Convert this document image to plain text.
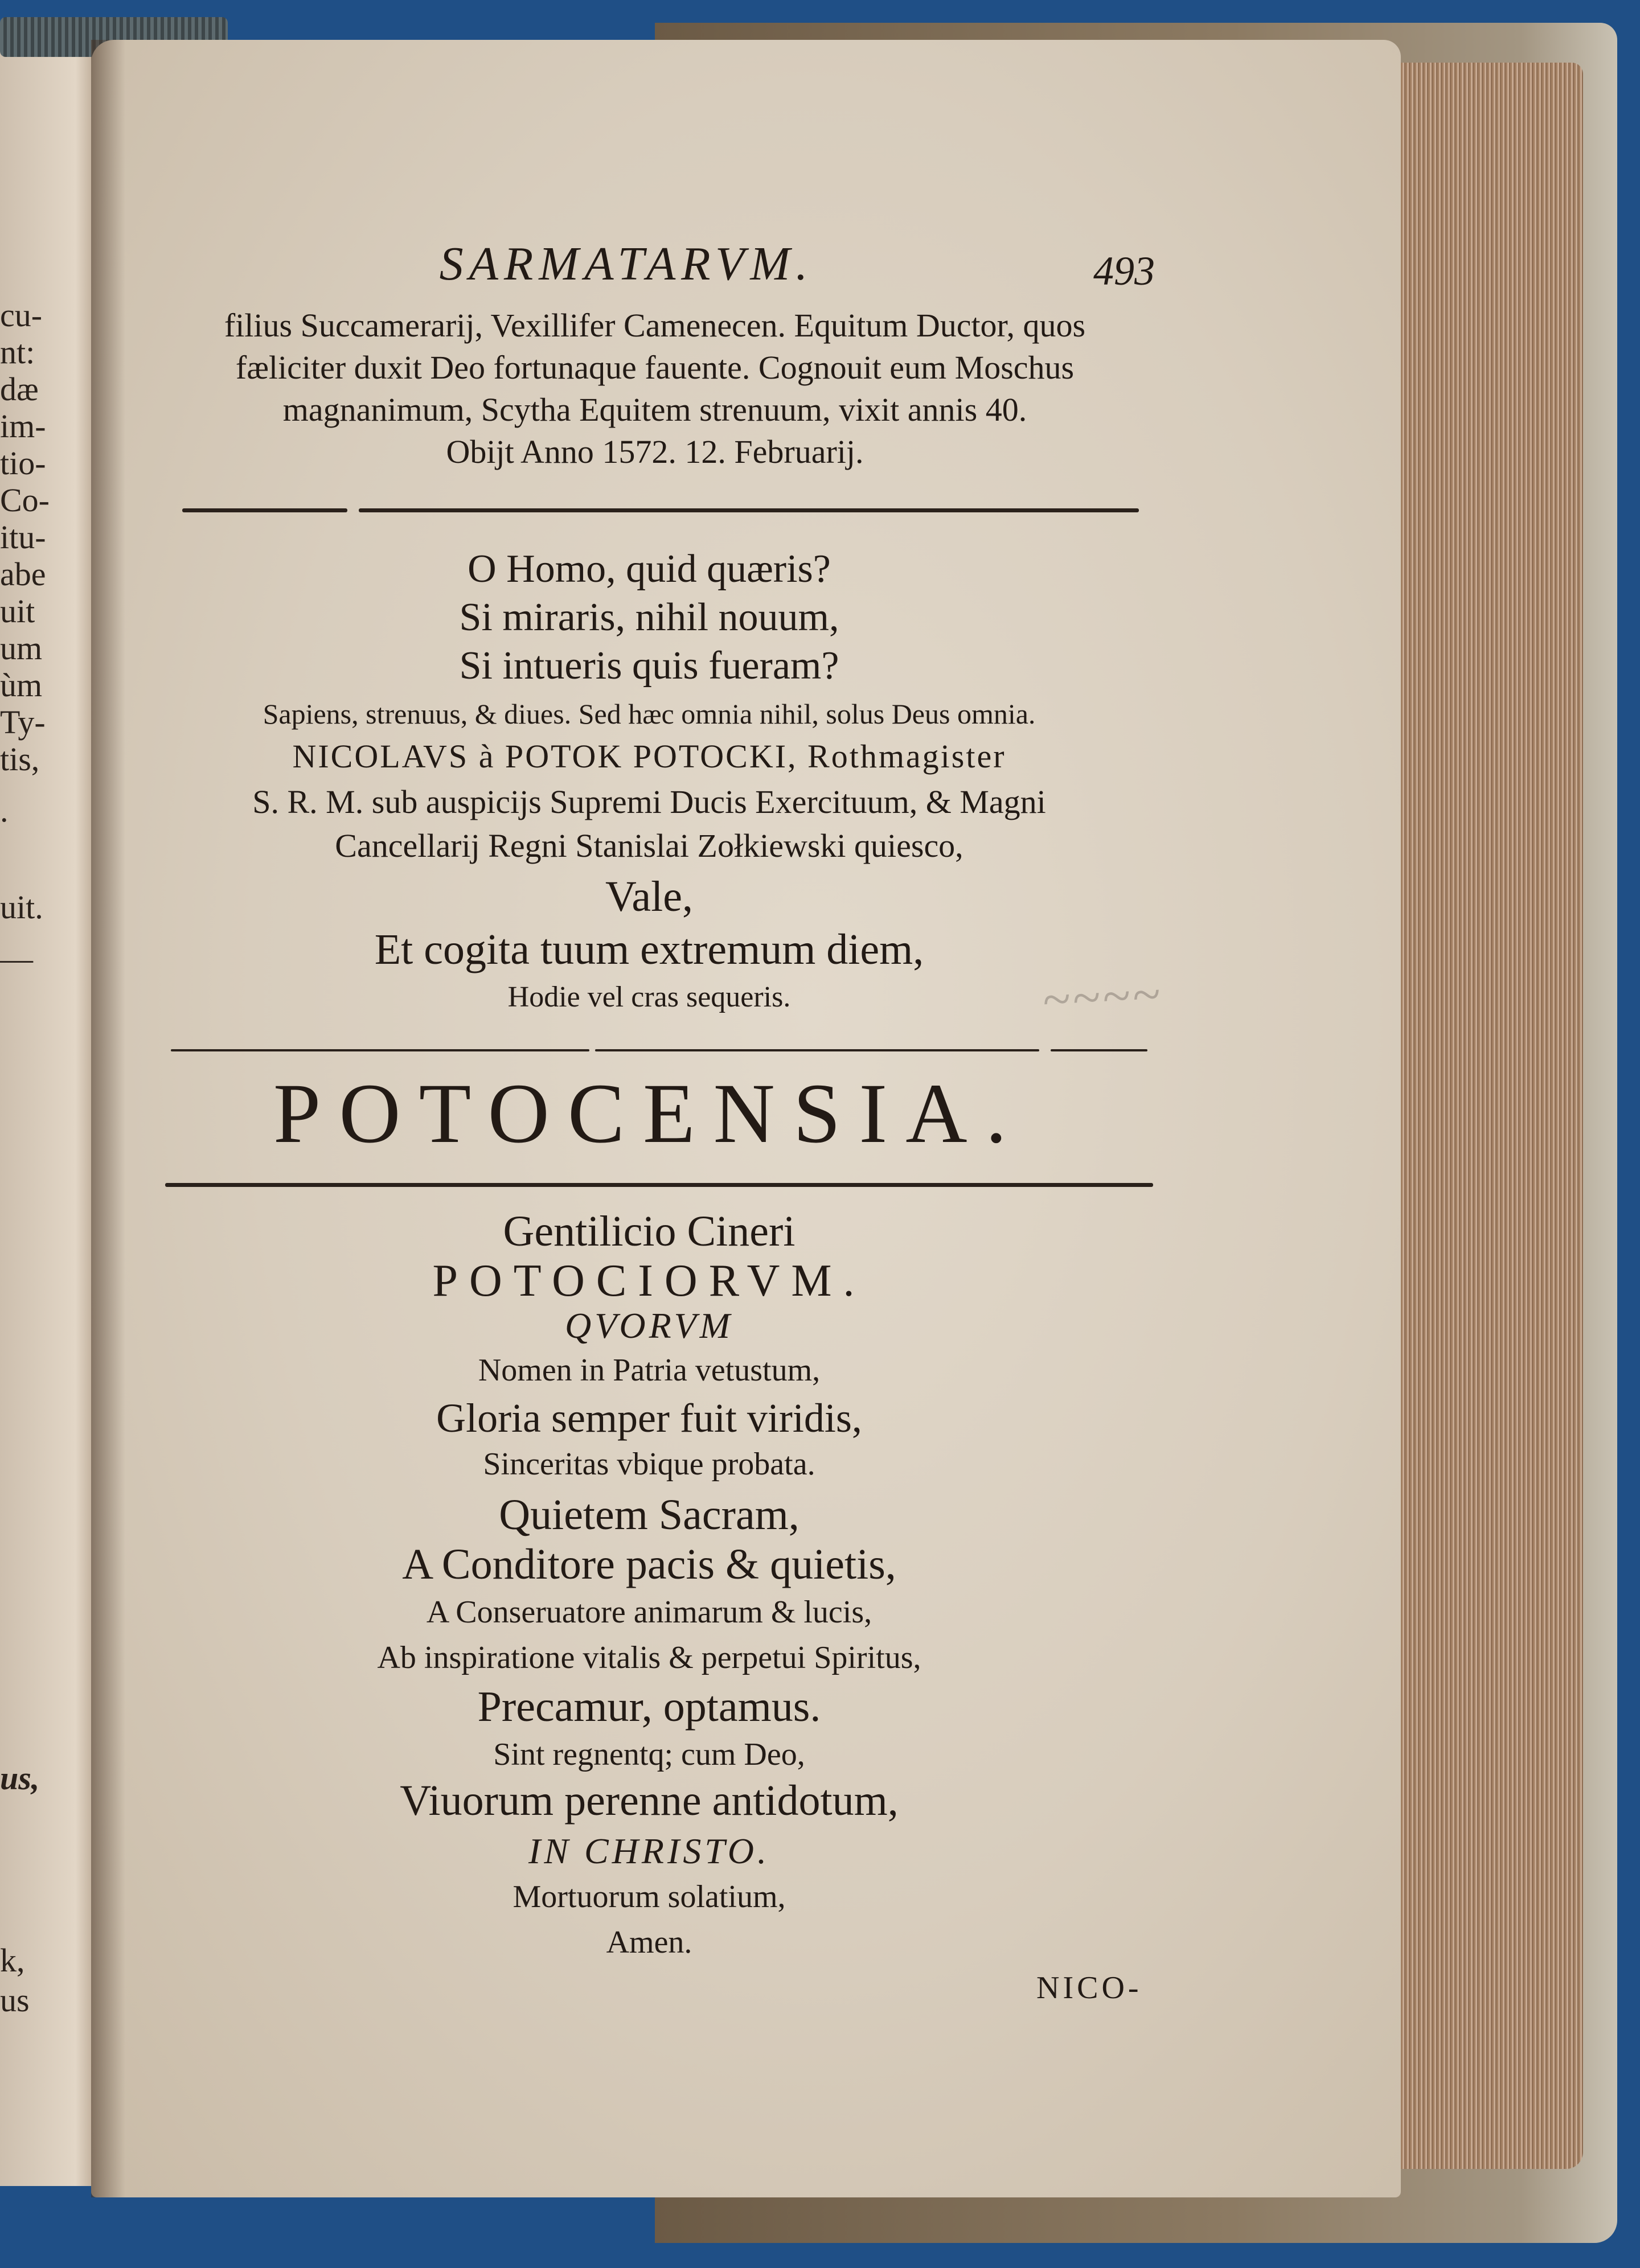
cu-
nt:
dæ
im-
tio-
Co-
itu-
abe
uit
um
ùm
Ty-
tis,
.
uit.
—
us,
k,
us
SARMATARVM.	493
filius Succamerarij, Vexillifer Camenecen. Equitum Ductor, quos
fæliciter duxit Deo fortunaque fauente. Cognouit eum Moschus
magnanimum, Scytha Equitem strenuum, vixit annis 40.
Obijt Anno 1572. 12. Februarij.
O Homo, quid quæris?
Si miraris, nihil nouum,
Si intueris quis fueram?
Sapiens, strenuus, & diues. Sed hæc omnia nihil, solus Deus omnia.
NICOLAVS à POTOK POTOCKI, Rothmagister
S. R. M. sub auspicijs Supremi Ducis Exercituum, & Magni
Cancellarij Regni Stanislai Zołkiewski quiesco,
Vale,
Et cogita tuum extremum diem,
Hodie vel cras sequeris.	~~~~
POTOCENSIA.
Gentilicio Cineri
POTOCIORVM.
QVORVM
Nomen in Patria vetustum,
Gloria semper fuit viridis,
Sinceritas vbique probata.
Quietem Sacram,
A Conditore pacis & quietis,
A Conseruatore animarum & lucis,
Ab inspiratione vitalis & perpetui Spiritus,
Precamur, optamus.
Sint regnentq; cum Deo,
Viuorum perenne antidotum,
IN CHRISTO.
Mortuorum solatium,
Amen.
NICO-
